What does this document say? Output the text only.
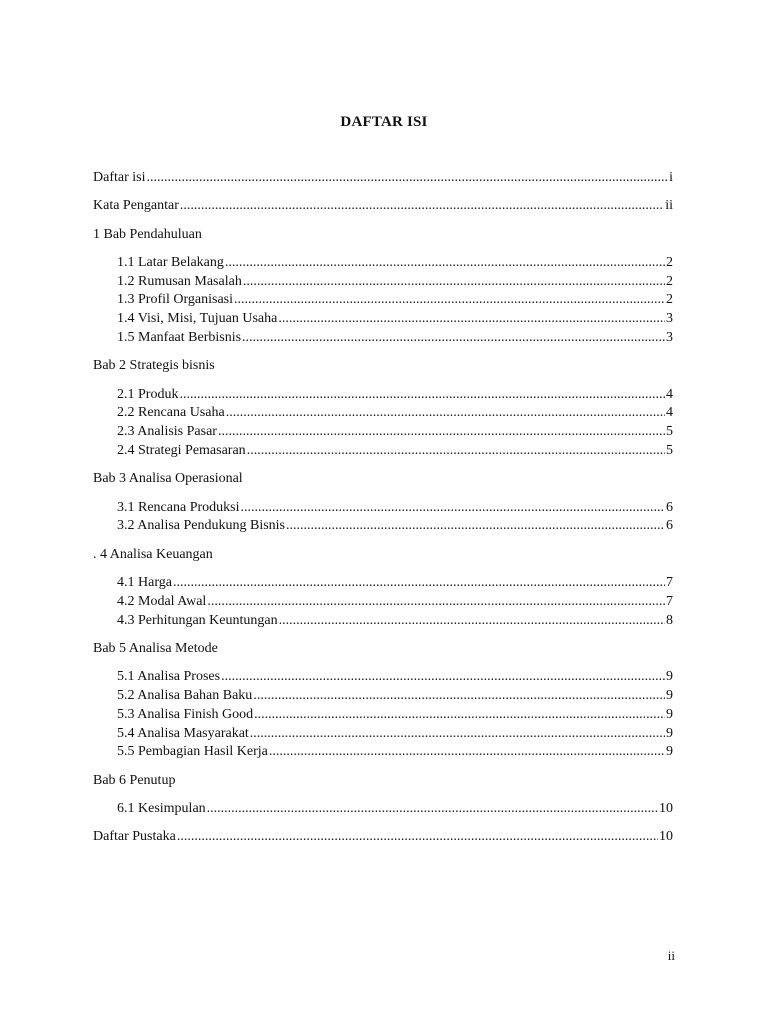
DAFTAR ISI
Daftar isi .....	i
Kata Pengantar .....	ii
1 Bab Pendahuluan
1.1 Latar Belakang .....	2
1.2 Rumusan Masalah .....	2
1.3 Profil Organisasi .....	2
1.4 Visi, Misi, Tujuan Usaha .....	3
1.5 Manfaat Berbisnis .....	3
Bab 2 Strategis bisnis
2.1 Produk .....	4
2.2 Rencana Usaha .....	4
2.3 Analisis Pasar .....	5
2.4 Strategi Pemasaran .....	5
Bab 3 Analisa Operasional
3.1 Rencana Produksi .....	6
3.2 Analisa Pendukung Bisnis .....	6
. 4 Analisa Keuangan
4.1 Harga .....	7
4.2 Modal Awal .....	7
4.3 Perhitungan Keuntungan .....	8
Bab 5 Analisa Metode
5.1 Analisa Proses .....	9
5.2 Analisa Bahan Baku .....	9
5.3 Analisa Finish Good .....	9
5.4 Analisa Masyarakat .....	9
5.5 Pembagian Hasil Kerja .....	9
Bab 6 Penutup
6.1 Kesimpulan .....	10
Daftar Pustaka .....	10
ii
